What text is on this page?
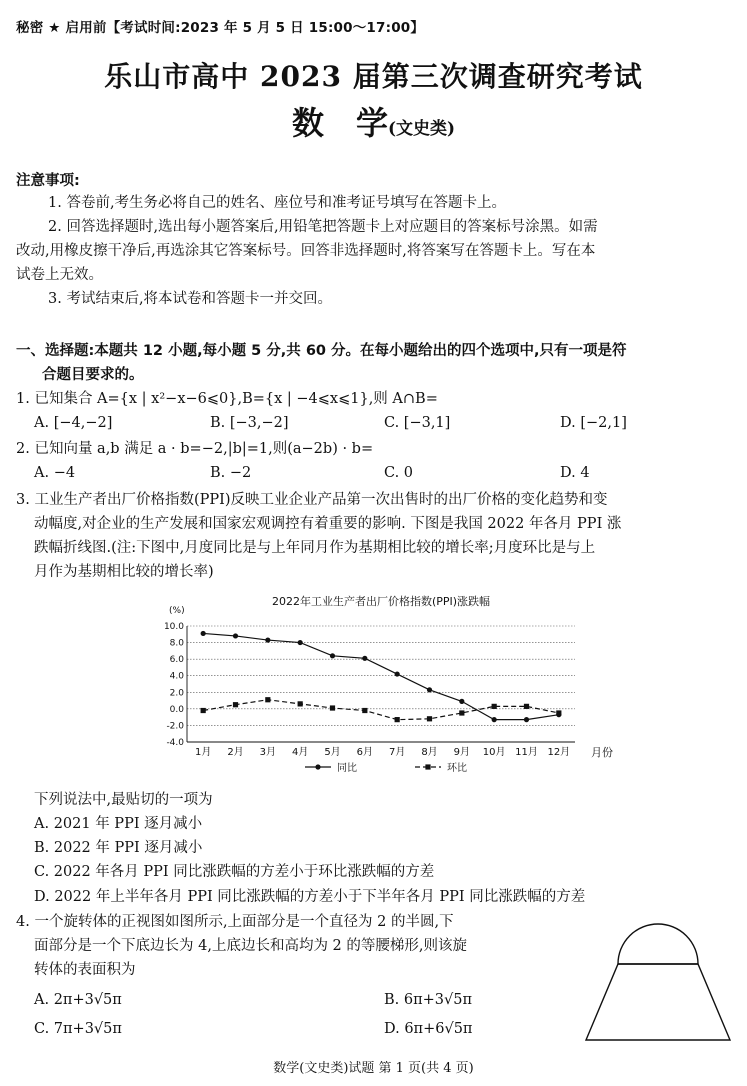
秘密 ★ 启用前【考试时间:2023 年 5 月 5 日 15:00～17:00】
乐山市高中 2023 届第三次调查研究考试
数　学(文史类)
注意事项:
1. 答卷前,考生务必将自己的姓名、座位号和准考证号填写在答题卡上。
2. 回答选择题时,选出每小题答案后,用铅笔把答题卡上对应题目的答案标号涂黑。如需
改动,用橡皮擦干净后,再选涂其它答案标号。回答非选择题时,将答案写在答题卡上。写在本
试卷上无效。
3. 考试结束后,将本试卷和答题卡一并交回。
一、选择题:本题共 12 小题,每小题 5 分,共 60 分。在每小题给出的四个选项中,只有一项是符
合题目要求的。
1. 已知集合 A={x | x²−x−6⩽0},B={x | −4⩽x⩽1},则 A∩B=
A. [−4,−2]	B. [−3,−2]	C. [−3,1]	D. [−2,1]
2. 已知向量 a,b 满足 a · b=−2,|b|=1,则(a−2b) · b=
A. −4	B. −2	C. 0	D. 4
3. 工业生产者出厂价格指数(PPI)反映工业企业产品第一次出售时的出厂价格的变化趋势和变
动幅度,对企业的生产发展和国家宏观调控有着重要的影响. 下图是我国 2022 年各月 PPI 涨
跌幅折线图.(注:下图中,月度同比是与上年同月作为基期相比较的增长率;月度环比是与上
月作为基期相比较的增长率)
2022年工业生产者出厂价格指数(PPI)涨跌幅
(%)
月份
10.0
8.0
6.0
4.0
2.0
0.0
-2.0
-4.0
1月 2月 3月 4月 5月 6月 7月 8月 9月 10月 11月 12月
同比	环比
下列说法中,最贴切的一项为
A. 2021 年 PPI 逐月减小
B. 2022 年 PPI 逐月减小
C. 2022 年各月 PPI 同比涨跌幅的方差小于环比涨跌幅的方差
D. 2022 年上半年各月 PPI 同比涨跌幅的方差小于下半年各月 PPI 同比涨跌幅的方差
4. 一个旋转体的正视图如图所示,上面部分是一个直径为 2 的半圆,下
面部分是一个下底边长为 4,上底边长和高均为 2 的等腰梯形,则该旋
转体的表面积为
A. 2π+3√5π	B. 6π+3√5π
C. 7π+3√5π	D. 6π+6√5π
数学(文史类)试题 第 1 页(共 4 页)
